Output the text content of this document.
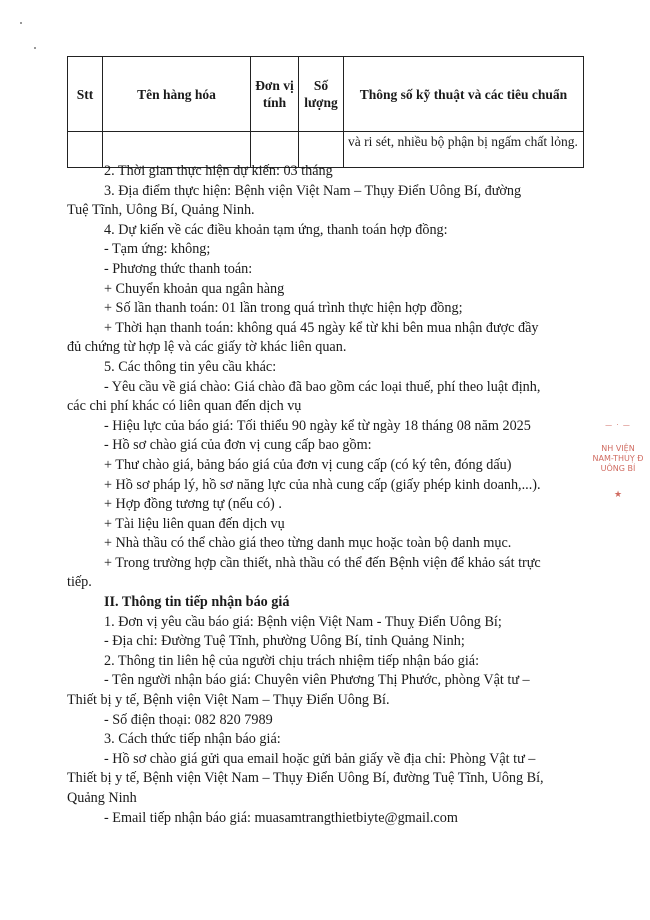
Stt	Tên hàng hóa	Đơn vị tính	Số lượng	Thông số kỹ thuật và các tiêu chuẩn
				và ri sét, nhiều bộ phận bị ngấm chất lỏng.

2. Thời gian thực hiện dự kiến: 03 tháng

3. Địa điểm thực hiện: Bệnh viện Việt Nam – Thụy Điển Uông Bí, đường

Tuệ Tĩnh, Uông Bí, Quảng Ninh.

4. Dự kiến về các điều khoản tạm ứng, thanh toán hợp đồng:

- Tạm ứng: không;

- Phương thức thanh toán:

+ Chuyển khoản qua ngân hàng

+ Số lần thanh toán: 01 lần trong quá trình thực hiện hợp đồng;

+ Thời hạn thanh toán: không quá 45 ngày kể từ khi bên mua nhận được đầy

đủ chứng từ hợp lệ và các giấy tờ khác liên quan.

5. Các thông tin yêu cầu khác:

- Yêu cầu về giá chào: Giá chào đã bao gồm các loại thuế, phí theo luật định,

các chi phí khác có liên quan đến dịch vụ

- Hiệu lực của báo giá: Tối thiểu 90 ngày kể từ ngày 18 tháng 08 năm 2025

- Hồ sơ chào giá của đơn vị cung cấp bao gồm:

+ Thư chào giá, bảng báo giá của đơn vị cung cấp (có ký tên, đóng dấu)

+ Hồ sơ pháp lý, hồ sơ năng lực của nhà cung cấp (giấy phép kinh doanh,...).

+ Hợp đồng tương tự (nếu có) .

+ Tài liệu liên quan đến dịch vụ

+ Nhà thầu có thể chào giá theo từng danh mục hoặc toàn bộ danh mục.

+ Trong trường hợp cần thiết, nhà thầu có thể đến Bệnh viện để khảo sát trực

tiếp.

II. Thông tin tiếp nhận báo giá

1. Đơn vị yêu cầu báo giá: Bệnh viện Việt Nam - Thuỵ Điển Uông Bí;

- Địa chỉ: Đường Tuệ Tĩnh, phường Uông Bí, tỉnh Quảng Ninh;

2. Thông tin liên hệ của người chịu trách nhiệm tiếp nhận báo giá:

- Tên người nhận báo giá: Chuyên viên Phương Thị Phước, phòng Vật tư –

Thiết bị y tế, Bệnh viện Việt Nam – Thụy Điển Uông Bí.

- Số điện thoại: 082 820 7989

3. Cách thức tiếp nhận báo giá:

- Hồ sơ chào giá gửi qua email hoặc gửi bản giấy về địa chỉ: Phòng Vật tư –

Thiết bị y tế, Bệnh viện Việt Nam – Thụy Điển Uông Bí, đường Tuệ Tĩnh, Uông Bí,

Quảng Ninh

- Email tiếp nhận báo giá: muasamtrangthietbiyte@gmail.com

— · —
NH VIỆN
NAM-THUỴ Đ
UÔNG BÍ
★
